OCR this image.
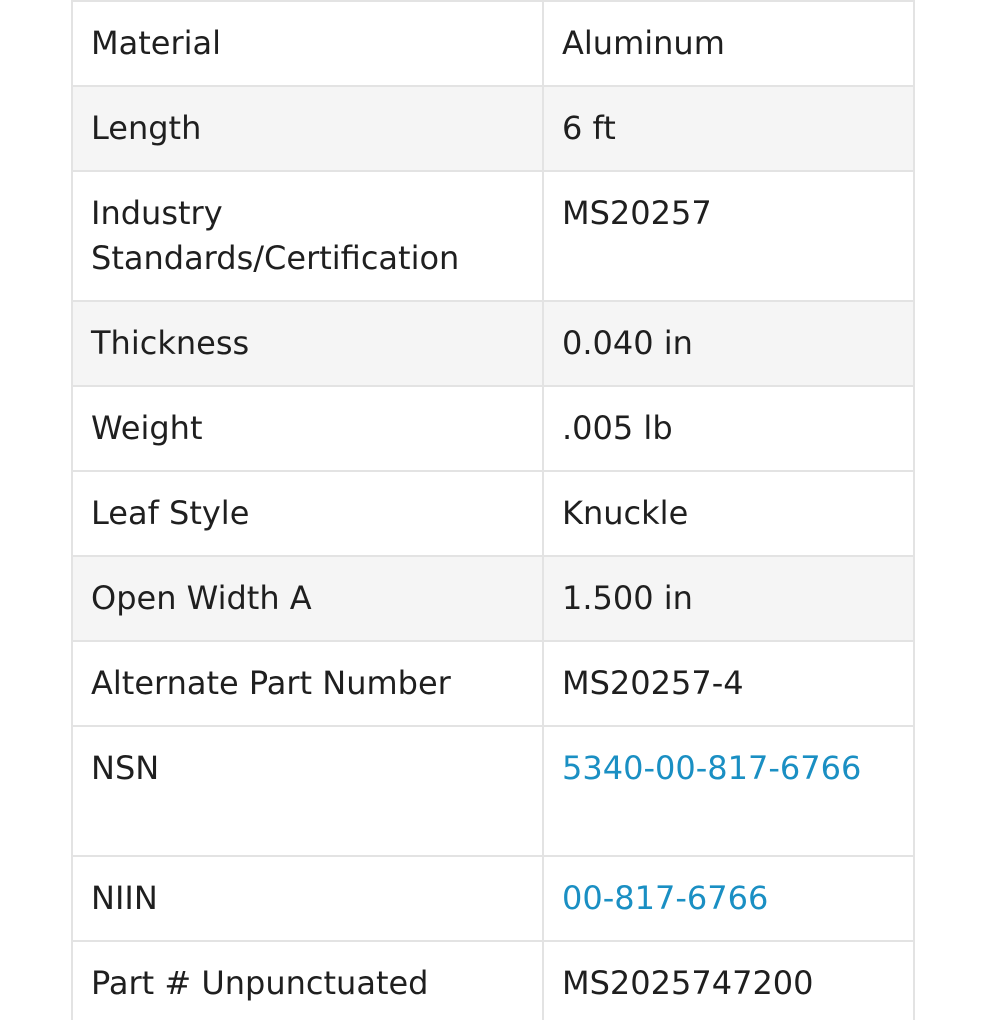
Material	Aluminum
Length	6 ft
Industry Standards/Certification	MS20257
Thickness	0.040 in
Weight	.005 lb
Leaf Style	Knuckle
Open Width A	1.500 in
Alternate Part Number	MS20257-4
NSN	5340-00-817-6766
NIIN	00-817-6766
Part # Unpunctuated	MS2025747200
